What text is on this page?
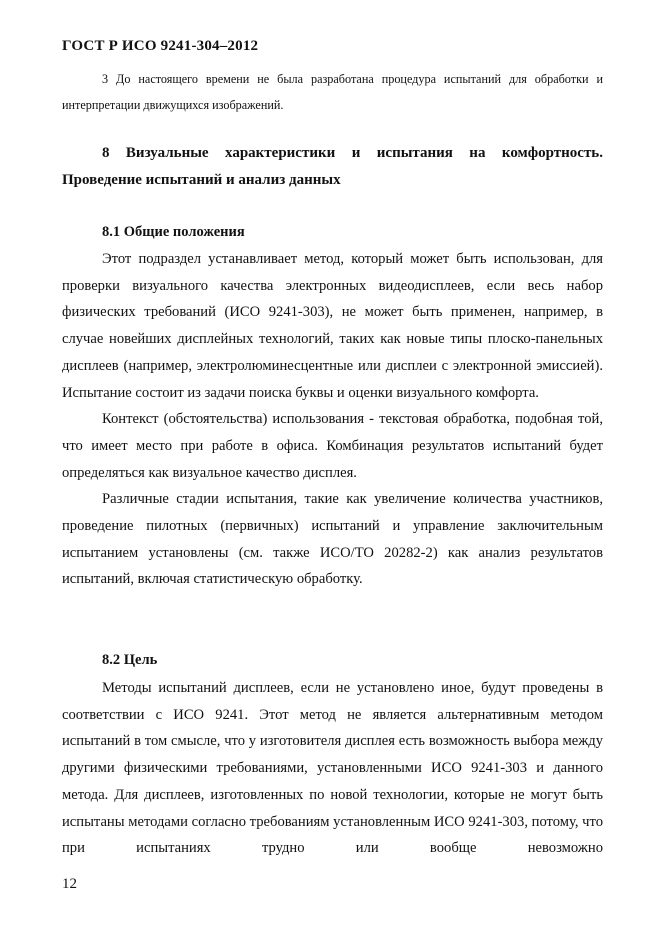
ГОСТ Р ИСО 9241-304–2012
3 До настоящего времени не была разработана процедура испытаний для обработки и интерпретации движущихся изображений.
8 Визуальные характеристики и испытания на комфортность.
Проведение испытаний и анализ данных
8.1 Общие положения

Этот подраздел устанавливает метод, который может быть использован, для проверки визуального качества электронных видеодисплеев, если весь набор физических требований (ИСО 9241-303), не может быть применен, например, в случае новейших дисплейных технологий, таких как новые типы плоско-панельных дисплеев (например, электролюминесцентные или дисплеи с электронной эмиссией). Испытание состоит из задачи поиска буквы и оценки визуального комфорта.

Контекст (обстоятельства) использования - текстовая обработка, подобная той, что имеет место при работе в офиса. Комбинация результатов испытаний будет определяться как визуальное качество дисплея.

Различные стадии испытания, такие как увеличение количества участников, проведение пилотных (первичных) испытаний и управление заключительным испытанием установлены (см. также ИСО/ТО 20282-2) как анализ результатов испытаний, включая статистическую обработку.

8.2 Цель

Методы испытаний дисплеев, если не установлено иное, будут проведены в соответствии с ИСО 9241. Этот метод не является альтернативным методом испытаний в том смысле, что у изготовителя дисплея есть возможность выбора между другими физическими требованиями, установленными ИСО 9241-303 и данного метода. Для дисплеев, изготовленных по новой технологии, которые не могут быть испытаны методами согласно требованиям установленным ИСО 9241-303, потому, что при испытаниях трудно или вообще невозможно

12
